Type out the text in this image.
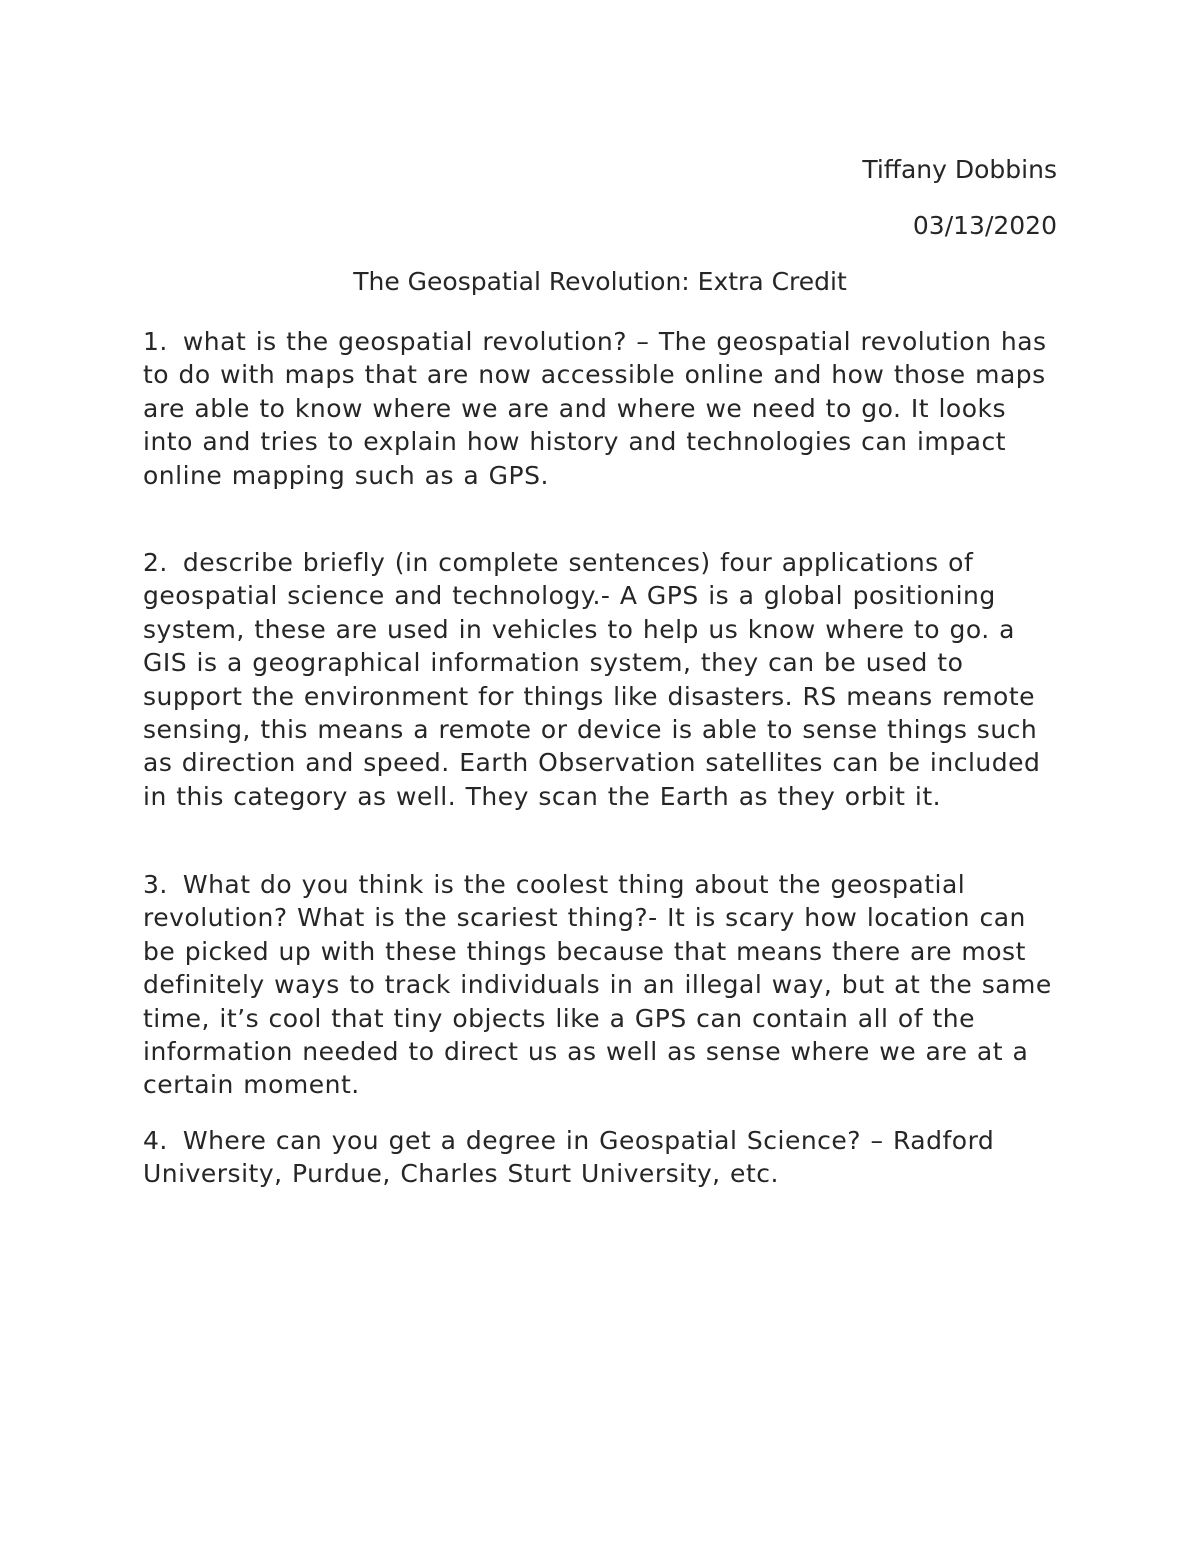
Tiffany Dobbins
03/13/2020
The Geospatial Revolution: Extra Credit
1. what is the geospatial revolution? – The geospatial revolution has to do with maps that are now accessible online and how those maps are able to know where we are and where we need to go. It looks into and tries to explain how history and technologies can impact online mapping such as a GPS.
2. describe briefly (in complete sentences) four applications of geospatial science and technology.- A GPS is a global positioning system, these are used in vehicles to help us know where to go. a GIS is a geographical information system, they can be used to support the environment for things like disasters. RS means remote sensing, this means a remote or device is able to sense things such as direction and speed. Earth Observation satellites can be included in this category as well. They scan the Earth as they orbit it.
3. What do you think is the coolest thing about the geospatial revolution? What is the scariest thing?- It is scary how location can be picked up with these things because that means there are most definitely ways to track individuals in an illegal way, but at the same time, it’s cool that tiny objects like a GPS can contain all of the information needed to direct us as well as sense where we are at a certain moment.
4. Where can you get a degree in Geospatial Science? – Radford University, Purdue, Charles Sturt University, etc.
